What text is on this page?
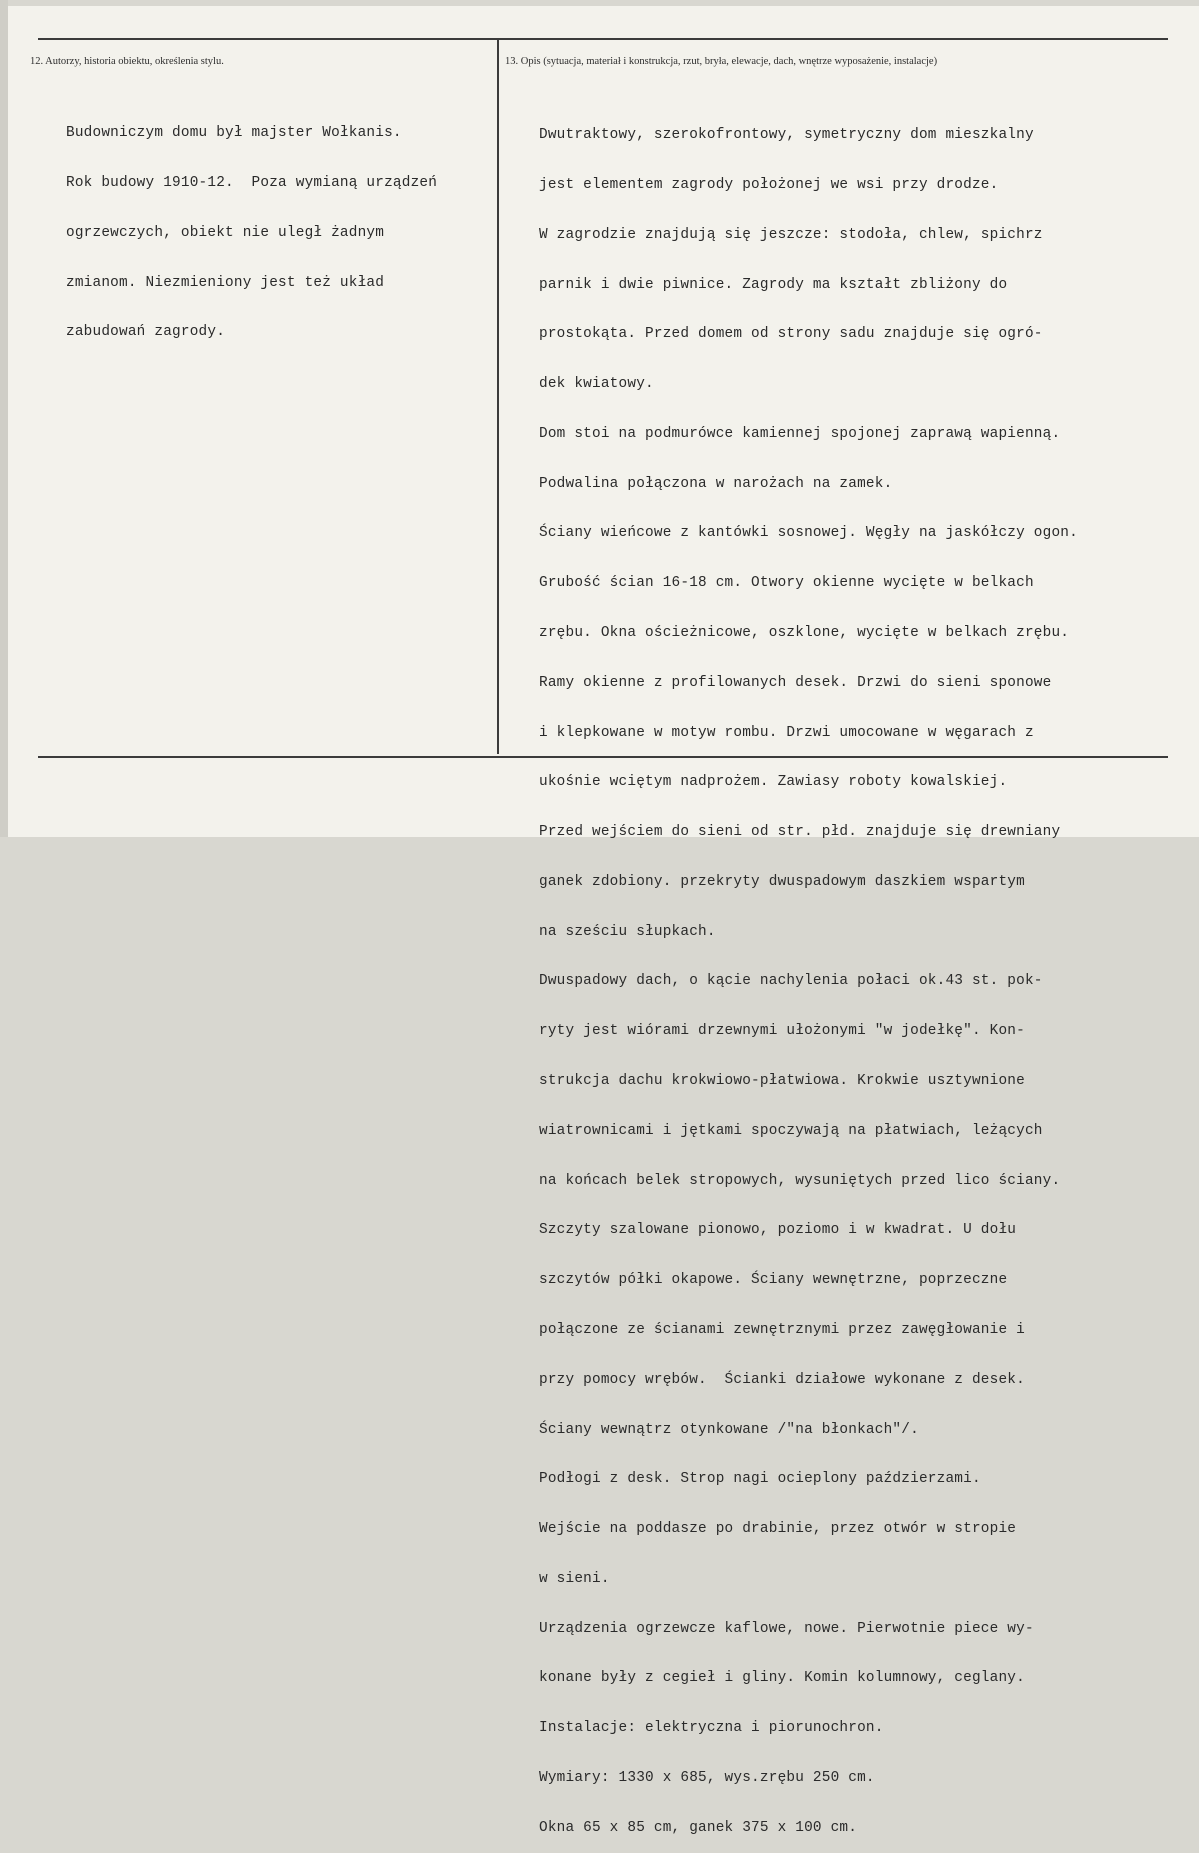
12. Autorzy, historia obiektu, określenia stylu.	13. Opis (sytuacja, materiał i konstrukcja, rzut, bryła, elewacje, dach, wnętrze wyposażenie, instalacje)

Budowniczym domu był majster Wołkanis.

Rok budowy 1910-12.  Poza wymianą urządzeń

ogrzewczych, obiekt nie uległ żadnym

zmianom. Niezmieniony jest też układ

zabudowań zagrody.

Dwutraktowy, szerokofrontowy, symetryczny dom mieszkalny

jest elementem zagrody położonej we wsi przy drodze.

W zagrodzie znajdują się jeszcze: stodoła, chlew, spichrz

parnik i dwie piwnice. Zagrody ma kształt zbliżony do

prostokąta. Przed domem od strony sadu znajduje się ogró-

dek kwiatowy.

Dom stoi na podmurówce kamiennej spojonej zaprawą wapienną.

Podwalina połączona w narożach na zamek.

Ściany wieńcowe z kantówki sosnowej. Węgły na jaskółczy ogon.

Grubość ścian 16-18 cm. Otwory okienne wycięte w belkach

zrębu. Okna ościeżnicowe, oszklone, wycięte w belkach zrębu.

Ramy okienne z profilowanych desek. Drzwi do sieni sponowe

i klepkowane w motyw rombu. Drzwi umocowane w węgarach z

ukośnie wciętym nadprożem. Zawiasy roboty kowalskiej.

Przed wejściem do sieni od str. płd. znajduje się drewniany

ganek zdobiony. przekryty dwuspadowym daszkiem wspartym

na sześciu słupkach.

Dwuspadowy dach, o kącie nachylenia połaci ok.43 st. pok-

ryty jest wiórami drzewnymi ułożonymi "w jodełkę". Kon-

strukcja dachu krokwiowo-płatwiowa. Krokwie usztywnione

wiatrownicami i jętkami spoczywają na płatwiach, leżących

na końcach belek stropowych, wysuniętych przed lico ściany.

Szczyty szalowane pionowo, poziomo i w kwadrat. U dołu

szczytów półki okapowe. Ściany wewnętrzne, poprzeczne

połączone ze ścianami zewnętrznymi przez zawęgłowanie i

przy pomocy wrębów.  Ścianki działowe wykonane z desek.

Ściany wewnątrz otynkowane /"na błonkach"/.

Podłogi z desk. Strop nagi ocieplony paździerzami.

Wejście na poddasze po drabinie, przez otwór w stropie

w sieni.

Urządzenia ogrzewcze kaflowe, nowe. Pierwotnie piece wy-

konane były z cegieł i gliny. Komin kolumnowy, ceglany.

Instalacje: elektryczna i piorunochron.

Wymiary: 1330 x 685, wys.zrębu 250 cm.

Okna 65 x 85 cm, ganek 375 x 100 cm.
